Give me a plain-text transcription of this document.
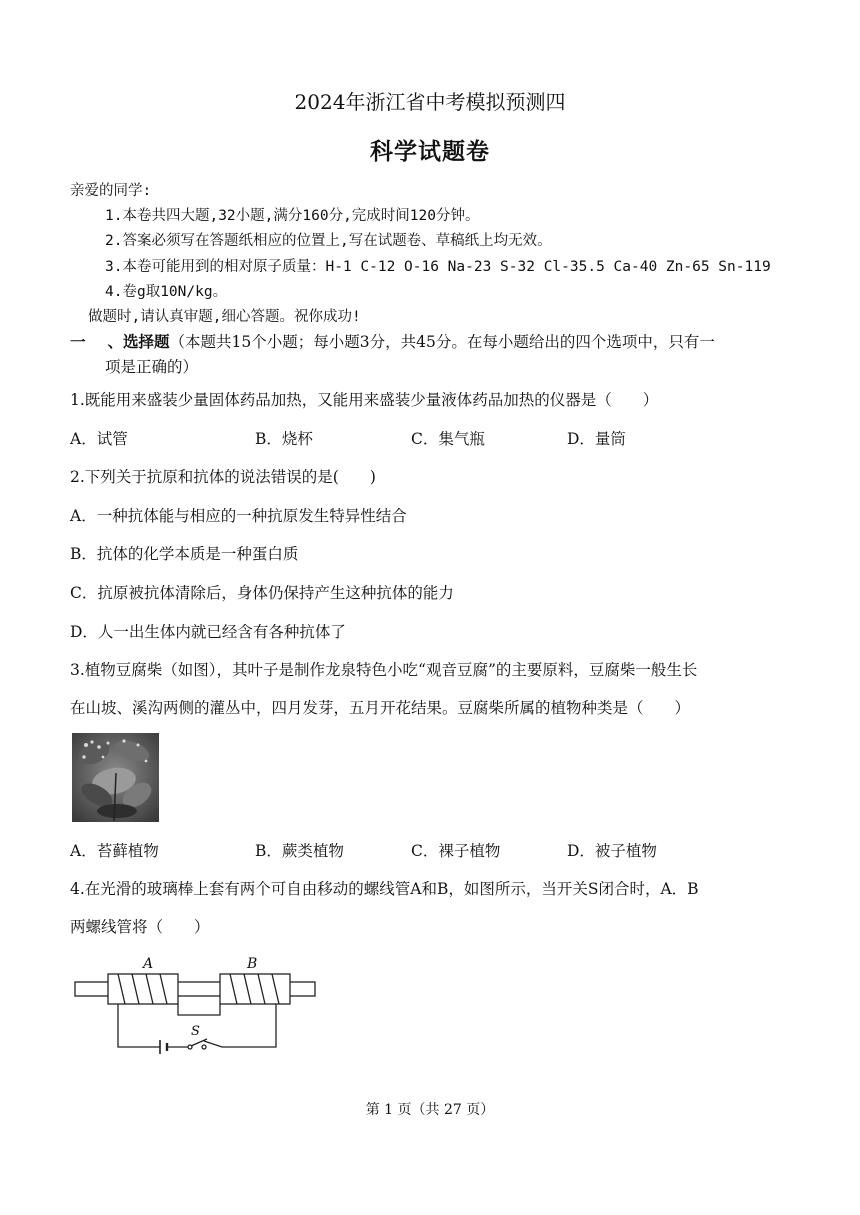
2024年浙江省中考模拟预测四
科学试题卷
亲爱的同学:
1.本卷共四大题,32小题,满分160分,完成时间120分钟。
2.答案必须写在答题纸相应的位置上,写在试题卷、草稿纸上均无效。
3.本卷可能用到的相对原子质量：H-1 C-12 O-16 Na-23 S-32 Cl-35.5 Ca-40 Zn-65 Sn-119
4.卷g取10N/kg。
做题时,请认真审题,细心答题。祝你成功!
一 、选择题（本题共15个小题；每小题3分，共45分。在每小题给出的四个选项中，只有一
项是正确的）
1.既能用来盛装少量固体药品加热，又能用来盛装少量液体药品加热的仪器是（　　）
A．试管	B．烧杯	C．集气瓶	D．量筒
2.下列关于抗原和抗体的说法错误的是(　　)
A．一种抗体能与相应的一种抗原发生特异性结合
B．抗体的化学本质是一种蛋白质
C．抗原被抗体清除后，身体仍保持产生这种抗体的能力
D．人一出生体内就已经含有各种抗体了
3.植物豆腐柴（如图），其叶子是制作龙泉特色小吃“观音豆腐”的主要原料，豆腐柴一般生长
在山坡、溪沟两侧的灌丛中，四月发芽，五月开花结果。豆腐柴所属的植物种类是（　　）
A．苔藓植物	B．蕨类植物	C．裸子植物	D．被子植物
4.在光滑的玻璃棒上套有两个可自由移动的螺线管A和B，如图所示，当开关S闭合时，A．B
两螺线管将（　　）
A	B
S
第 1 页（共 27 页）
